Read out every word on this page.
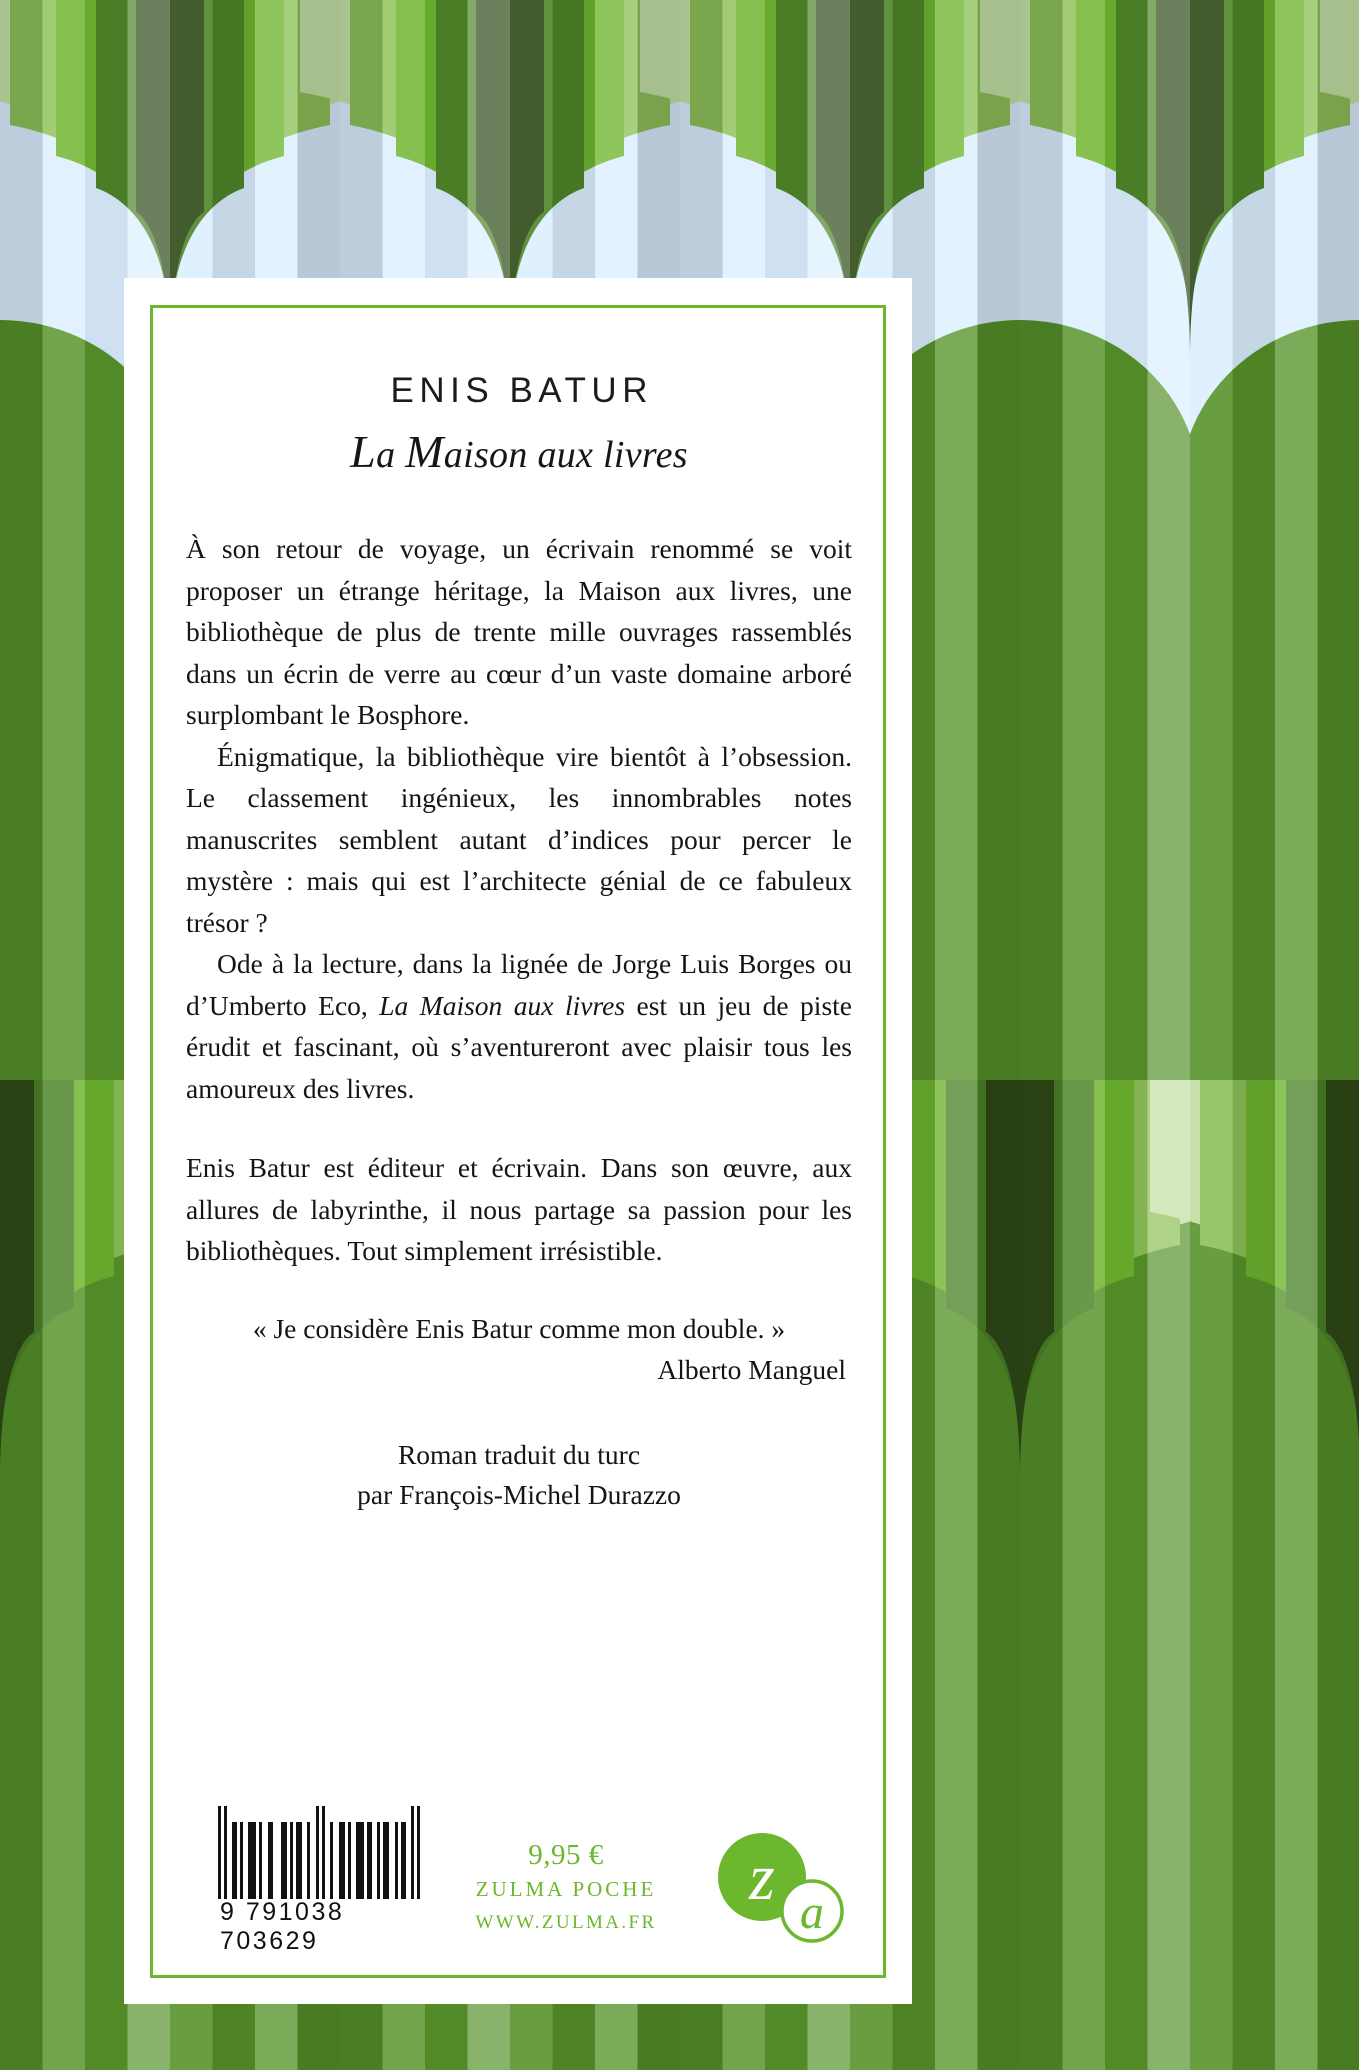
ENIS BATUR
La Maison aux livres

À son retour de voyage, un écrivain renommé se voit proposer un étrange héritage, la Maison aux livres, une bibliothèque de plus de trente mille ouvrages rassemblés dans un écrin de verre au cœur d’un vaste domaine arboré surplombant le Bosphore.

Énigmatique, la bibliothèque vire bientôt à l’obsession. Le classement ingénieux, les innombrables notes manuscrites semblent autant d’indices pour percer le mystère : mais qui est l’architecte génial de ce fabuleux trésor ?

Ode à la lecture, dans la lignée de Jorge Luis Borges ou d’Umberto Eco, La Maison aux livres est un jeu de piste érudit et fascinant, où s’aventureront avec plaisir tous les amoureux des livres.

Enis Batur est éditeur et écrivain. Dans son œuvre, aux allures de labyrinthe, il nous partage sa passion pour les bibliothèques. Tout simplement irrésistible.

« Je considère Enis Batur comme mon double. »
Alberto Manguel
Roman traduit du turc
par François-Michel Durazzo
9 791038 703629
9,95 €
ZULMA POCHE
WWW.ZULMA.FR
z a
